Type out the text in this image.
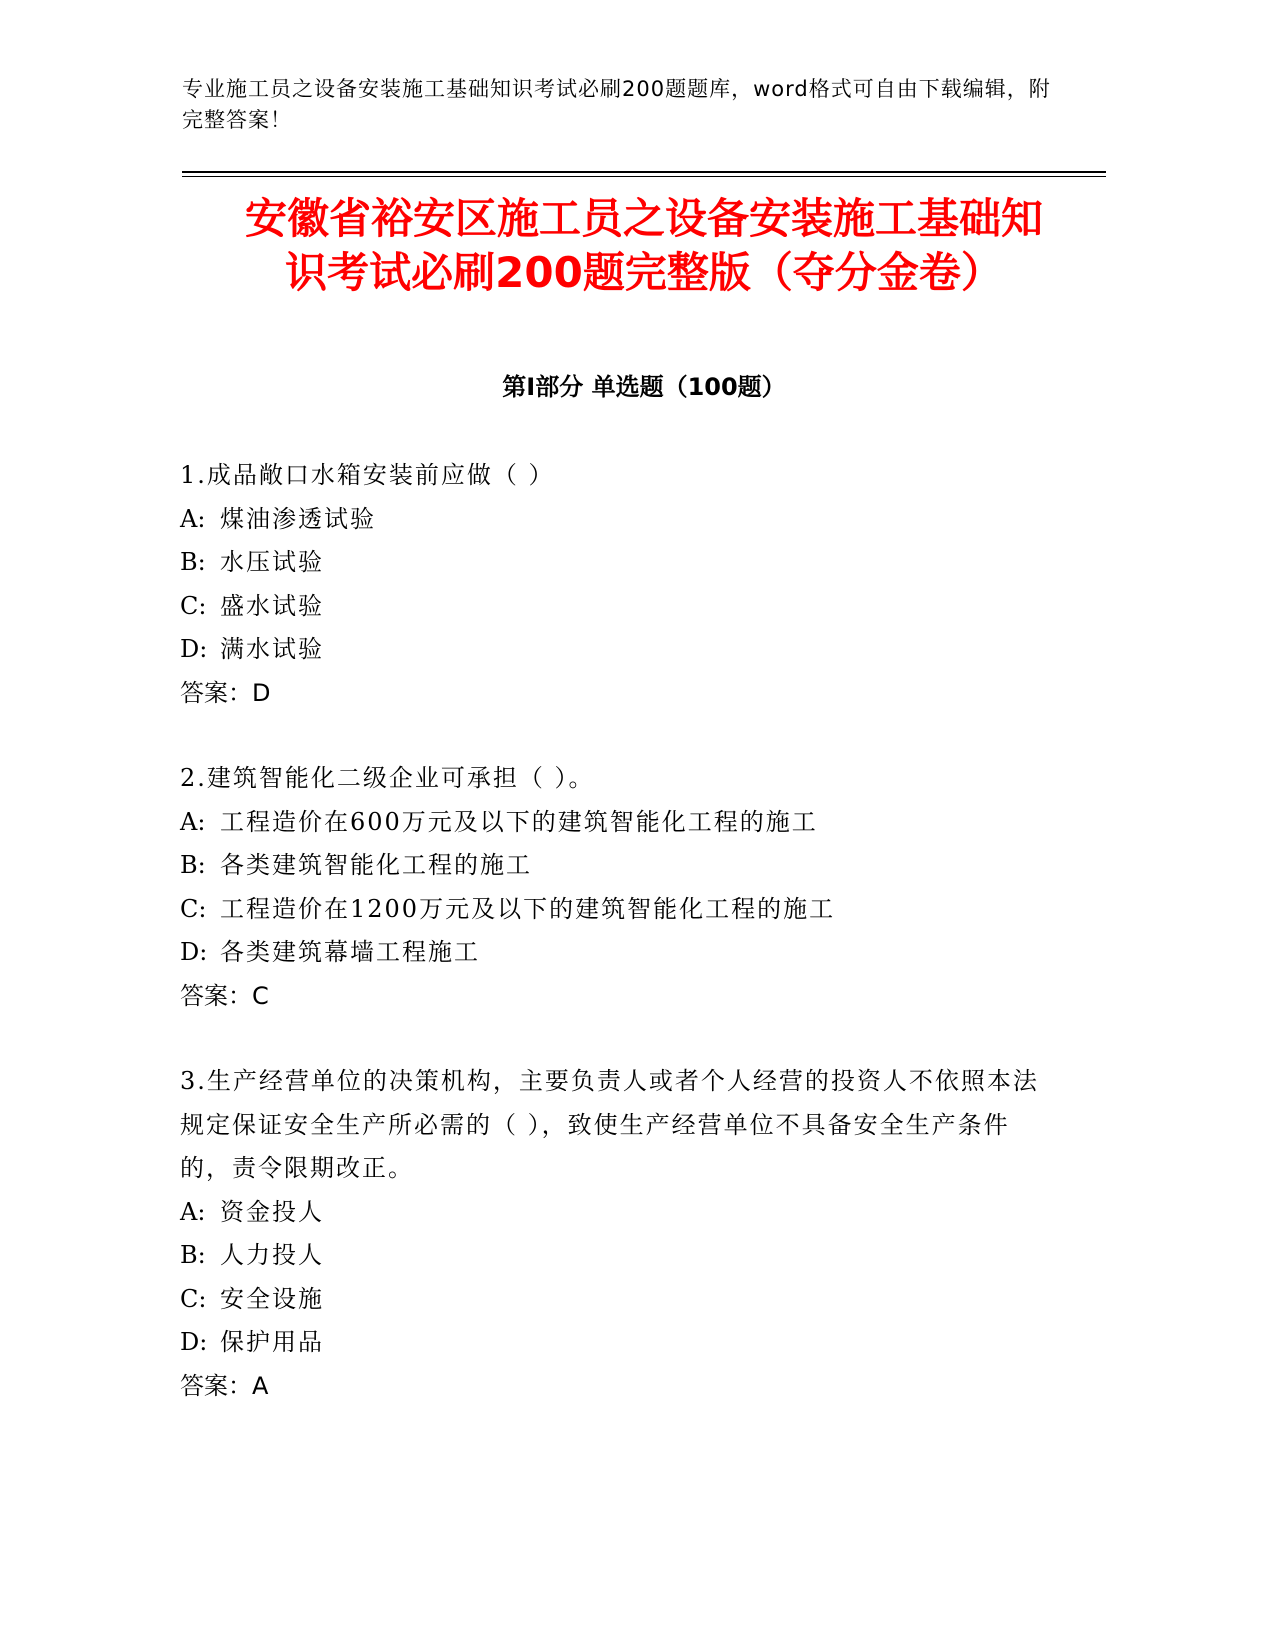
专业施工员之设备安装施工基础知识考试必刷200题题库，word格式可自由下载编辑，附完整答案！
安徽省裕安区施工员之设备安装施工基础知
识考试必刷200题完整版（夺分金卷）
第I部分 单选题（100题）

1.成品敞口水箱安装前应做（ ）

A: 煤油渗透试验

B: 水压试验

C: 盛水试验

D: 满水试验

答案：D

2.建筑智能化二级企业可承担（ ）。

A: 工程造价在600万元及以下的建筑智能化工程的施工

B: 各类建筑智能化工程的施工

C: 工程造价在1200万元及以下的建筑智能化工程的施工

D: 各类建筑幕墙工程施工

答案：C

3.生产经营单位的决策机构，主要负责人或者个人经营的投资人不依照本法规定保证安全生产所必需的（ ），致使生产经营单位不具备安全生产条件的，责令限期改正。

A: 资金投人

B: 人力投人

C: 安全设施

D: 保护用品

答案：A
